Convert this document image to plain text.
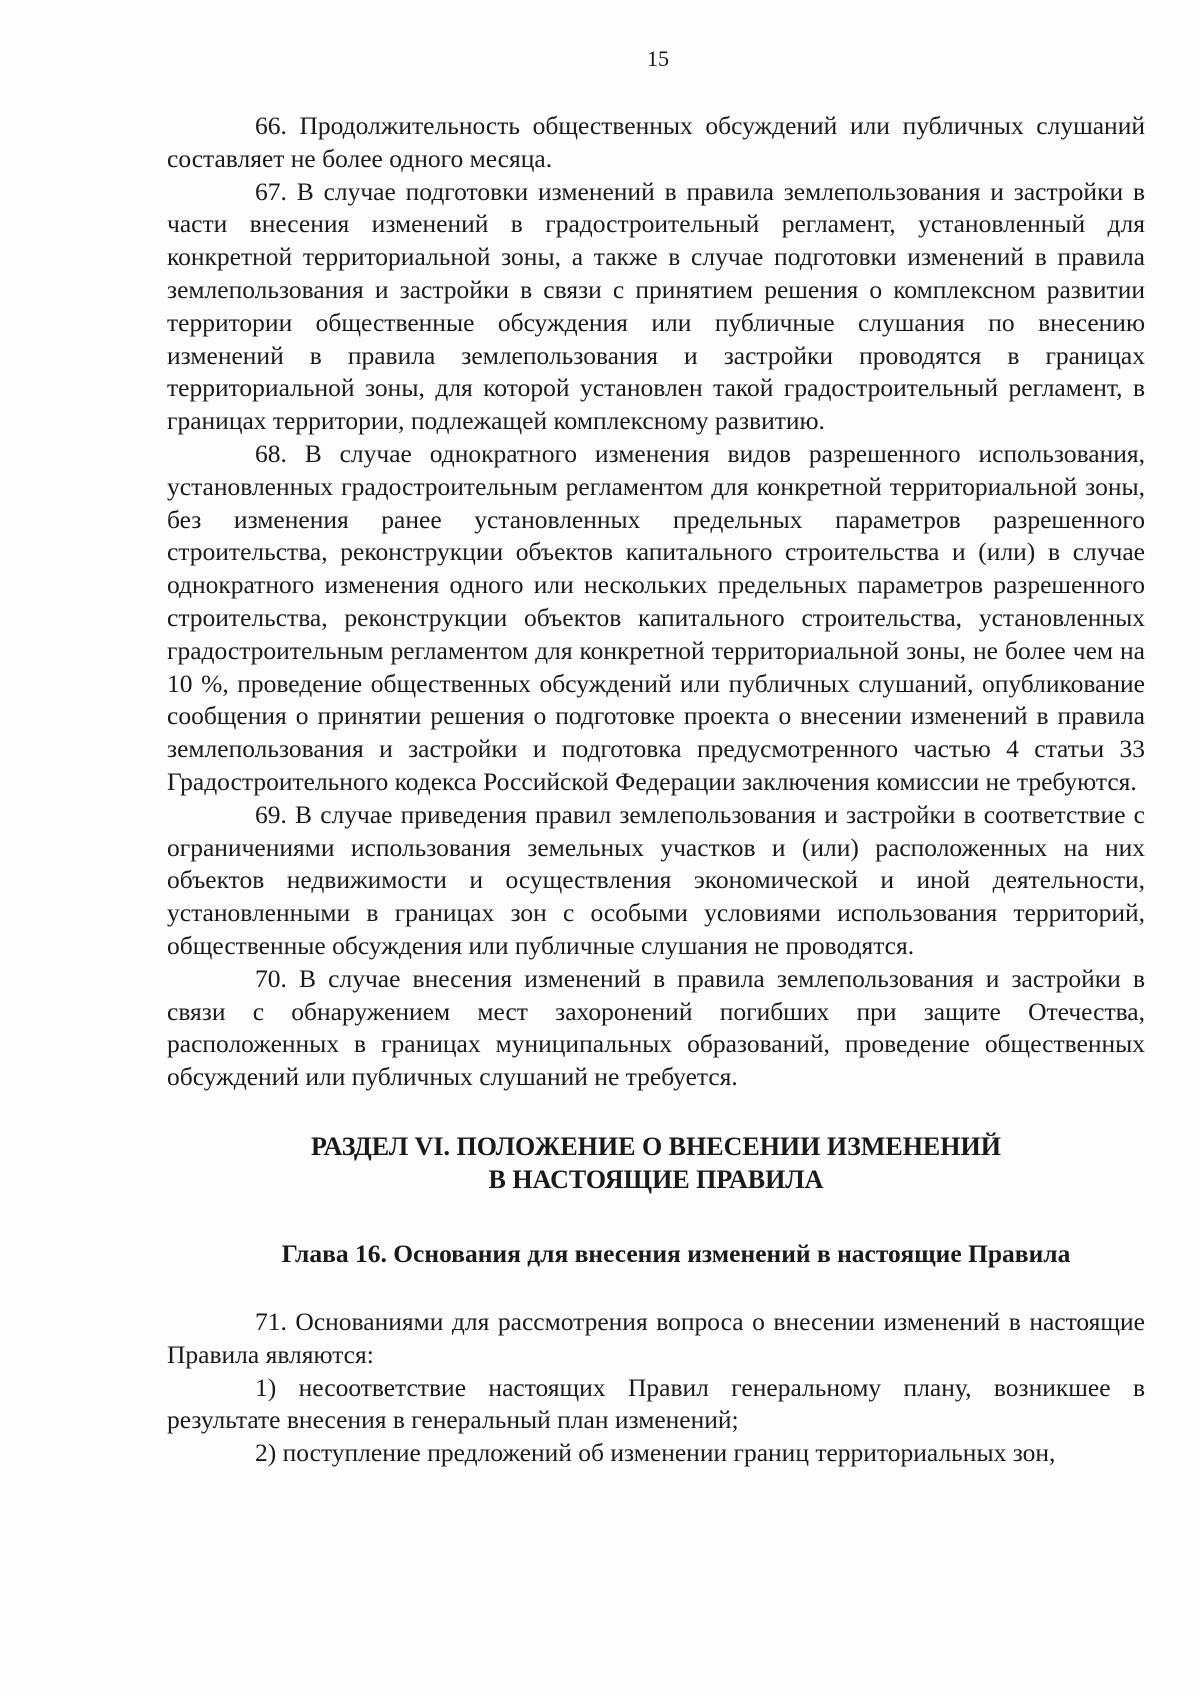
15

66. Продолжительность общественных обсуждений или публичных слушаний составляет не более одного месяца.

67. В случае подготовки изменений в правила землепользования и застройки в части внесения изменений в градостроительный регламент, установленный для конкретной территориальной зоны, а также в случае подготовки изменений в правила землепользования и застройки в связи с принятием решения о комплексном развитии территории общественные обсуждения или публичные слушания по внесению изменений в правила землепользования и застройки проводятся в границах территориальной зоны, для которой установлен такой градостроительный регламент, в границах территории, подлежащей комплексному развитию.

68. В случае однократного изменения видов разрешенного использования, установленных градостроительным регламентом для конкретной территориальной зоны, без изменения ранее установленных предельных параметров разрешенного строительства, реконструкции объектов капитального строительства и (или) в случае однократного изменения одного или нескольких предельных параметров разрешенного строительства, реконструкции объектов капитального строительства, установленных градостроительным регламентом для конкретной территориальной зоны, не более чем на 10 %, проведение общественных обсуждений или публичных слушаний, опубликование сообщения о принятии решения о подготовке проекта о внесении изменений в правила землепользования и застройки и подготовка предусмотренного частью 4 статьи 33 Градостроительного кодекса Российской Федерации заключения комиссии не требуются.

69. В случае приведения правил землепользования и застройки в соответствие с ограничениями использования земельных участков и (или) расположенных на них объектов недвижимости и осуществления экономической и иной деятельности, установленными в границах зон с особыми условиями использования территорий, общественные обсуждения или публичные слушания не проводятся.

70. В случае внесения изменений в правила землепользования и застройки в связи с обнаружением мест захоронений погибших при защите Отечества, расположенных в границах муниципальных образований, проведение общественных обсуждений или публичных слушаний не требуется.

РАЗДЕЛ VI. ПОЛОЖЕНИЕ О ВНЕСЕНИИ ИЗМЕНЕНИЙ
В НАСТОЯЩИЕ ПРАВИЛА
Глава 16. Основания для внесения изменений в настоящие Правила

71. Основаниями для рассмотрения вопроса о внесении изменений в настоящие Правила являются:

1) несоответствие настоящих Правил генеральному плану, возникшее в результате внесения в генеральный план изменений;

2) поступление предложений об изменении границ территориальных зон,
